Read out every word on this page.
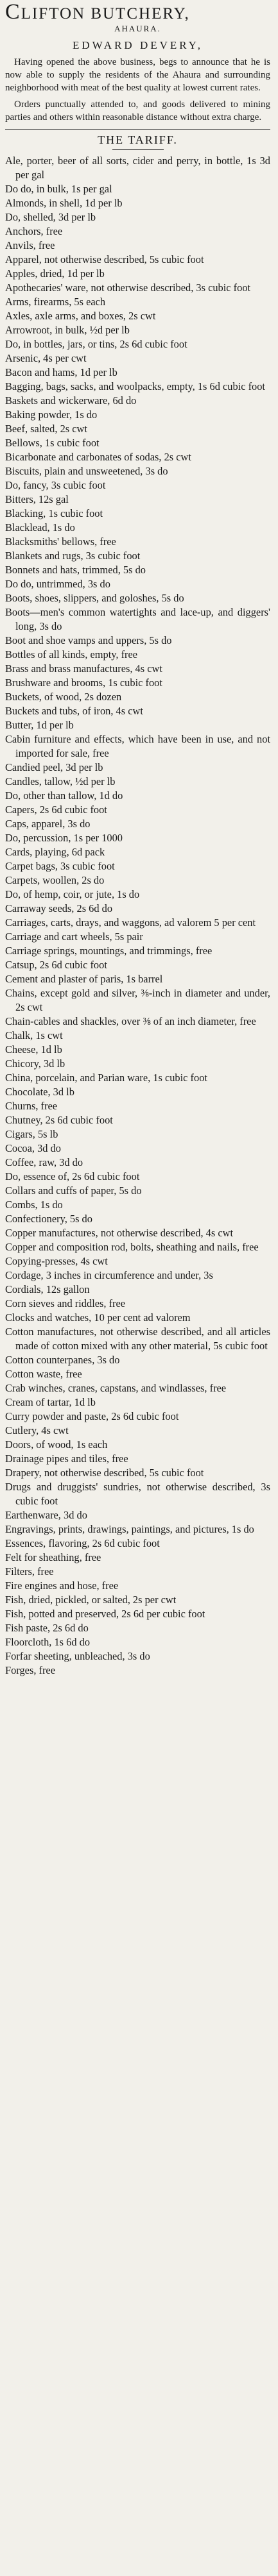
CLIFTON BUTCHERY,
AHAURA.
EDWARD DEVERY,

Having opened the above business, begs to announce that he is now able to supply the residents of the Ahaura and surrounding neighborhood with meat of the best quality at lowest current rates.

Orders punctually attended to, and goods delivered to mining parties and others within reasonable distance without extra charge.

THE TARIFF.
Ale, porter, beer of all sorts, cider and perry, in bottle, 1s 3d per gal
Do do, in bulk, 1s per gal
Almonds, in shell, 1d per lb
Do, shelled, 3d per lb
Anchors, free
Anvils, free
Apparel, not otherwise described, 5s cubic foot
Apples, dried, 1d per lb
Apothecaries' ware, not otherwise described, 3s cubic foot
Arms, firearms, 5s each
Axles, axle arms, and boxes, 2s cwt
Arrowroot, in bulk, ½d per lb
Do, in bottles, jars, or tins, 2s 6d cubic foot
Arsenic, 4s per cwt
Bacon and hams, 1d per lb
Bagging, bags, sacks, and woolpacks, empty, 1s 6d cubic foot
Baskets and wickerware, 6d do
Baking powder, 1s do
Beef, salted, 2s cwt
Bellows, 1s cubic foot
Bicarbonate and carbonates of sodas, 2s cwt
Biscuits, plain and unsweetened, 3s do
Do, fancy, 3s cubic foot
Bitters, 12s gal
Blacking, 1s cubic foot
Blacklead, 1s do
Blacksmiths' bellows, free
Blankets and rugs, 3s cubic foot
Bonnets and hats, trimmed, 5s do
Do do, untrimmed, 3s do
Boots, shoes, slippers, and goloshes, 5s do
Boots—men's common watertights and lace-up, and diggers' long, 3s do
Boot and shoe vamps and uppers, 5s do
Bottles of all kinds, empty, free
Brass and brass manufactures, 4s cwt
Brushware and brooms, 1s cubic foot
Buckets, of wood, 2s dozen
Buckets and tubs, of iron, 4s cwt
Butter, 1d per lb
Cabin furniture and effects, which have been in use, and not imported for sale, free
Candied peel, 3d per lb
Candles, tallow, ½d per lb
Do, other than tallow, 1d do
Capers, 2s 6d cubic foot
Caps, apparel, 3s do
Do, percussion, 1s per 1000
Cards, playing, 6d pack
Carpet bags, 3s cubic foot
Carpets, woollen, 2s do
Do, of hemp, coir, or jute, 1s do
Carraway seeds, 2s 6d do
Carriages, carts, drays, and waggons, ad valorem 5 per cent
Carriage and cart wheels, 5s pair
Carriage springs, mountings, and trimmings, free
Catsup, 2s 6d cubic foot
Cement and plaster of paris, 1s barrel
Chains, except gold and silver, ⅜-inch in diameter and under, 2s cwt
Chain-cables and shackles, over ⅜ of an inch diameter, free
Chalk, 1s cwt
Cheese, 1d lb
Chicory, 3d lb
China, porcelain, and Parian ware, 1s cubic foot
Chocolate, 3d lb
Churns, free
Chutney, 2s 6d cubic foot
Cigars, 5s lb
Cocoa, 3d do
Coffee, raw, 3d do
Do, essence of, 2s 6d cubic foot
Collars and cuffs of paper, 5s do
Combs, 1s do
Confectionery, 5s do
Copper manufactures, not otherwise described, 4s cwt
Copper and composition rod, bolts, sheathing and nails, free
Copying-presses, 4s cwt
Cordage, 3 inches in circumference and under, 3s
Cordials, 12s gallon
Corn sieves and riddles, free
Clocks and watches, 10 per cent ad valorem
Cotton manufactures, not otherwise described, and all articles made of cotton mixed with any other material, 5s cubic foot
Cotton counterpanes, 3s do
Cotton waste, free
Crab winches, cranes, capstans, and windlasses, free
Cream of tartar, 1d lb
Curry powder and paste, 2s 6d cubic foot
Cutlery, 4s cwt
Doors, of wood, 1s each
Drainage pipes and tiles, free
Drapery, not otherwise described, 5s cubic foot
Drugs and druggists' sundries, not otherwise described, 3s cubic foot
Earthenware, 3d do
Engravings, prints, drawings, paintings, and pictures, 1s do
Essences, flavoring, 2s 6d cubic foot
Felt for sheathing, free
Filters, free
Fire engines and hose, free
Fish, dried, pickled, or salted, 2s per cwt
Fish, potted and preserved, 2s 6d per cubic foot
Fish paste, 2s 6d do
Floorcloth, 1s 6d do
Forfar sheeting, unbleached, 3s do
Forges, free
